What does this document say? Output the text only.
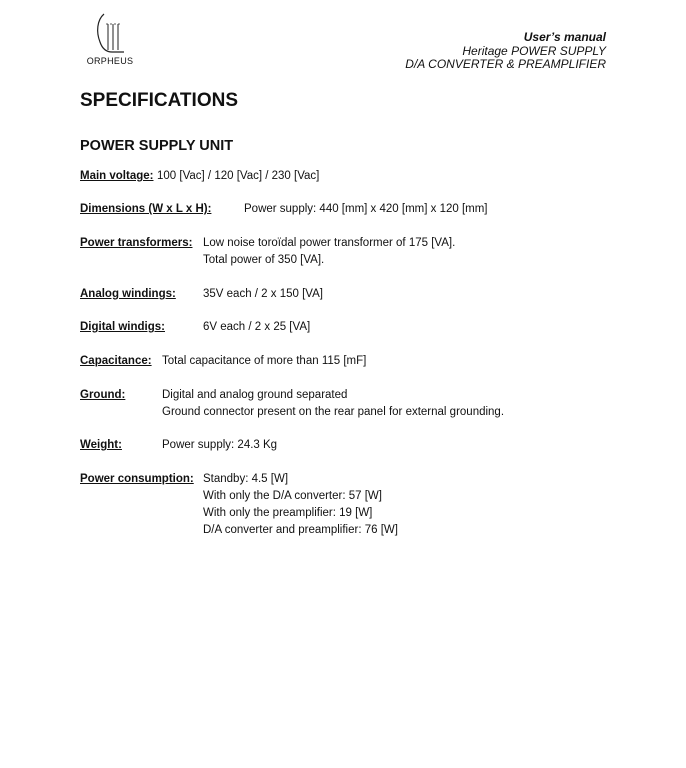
ORPHEUS
User’s manual
Heritage POWER SUPPLY
D/A CONVERTER & PREAMPLIFIER
SPECIFICATIONS
POWER SUPPLY UNIT
Main voltage: 100 [Vac] / 120 [Vac] / 230 [Vac]
Dimensions (W x L x H):	Power supply: 440 [mm] x 420 [mm] x 120 [mm]
Power transformers: Low noise toroïdal power transformer of 175 [VA].
Total power of 350 [VA].
Analog windings: 35V each / 2 x 150 [VA]
Digital windigs:	6V each / 2 x 25 [VA]
Capacitance: Total capacitance of more than 115 [mF]
Ground:	Digital and analog ground separated
Ground connector present on the rear panel for external grounding.
Weight:	Power supply: 24.3 Kg
Power consumption: Standby: 4.5 [W]
With only the D/A converter: 57 [W]
With only the preamplifier: 19 [W]
D/A converter and preamplifier: 76 [W]
